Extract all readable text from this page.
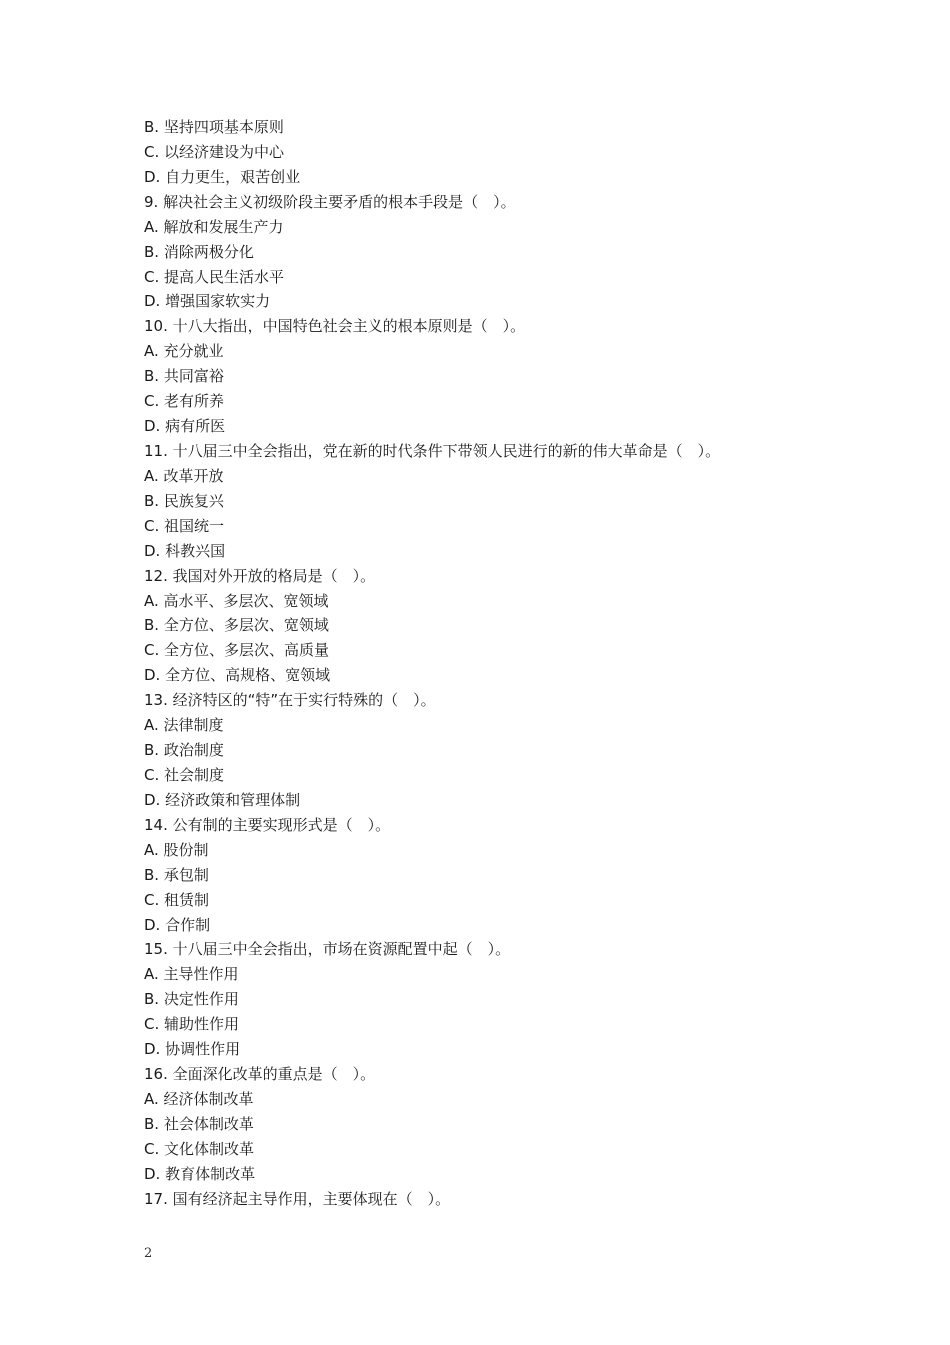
B. 坚持四项基本原则
C. 以经济建设为中心
D. 自力更生，艰苦创业
9. 解决社会主义初级阶段主要矛盾的根本手段是（　）。
A. 解放和发展生产力
B. 消除两极分化
C. 提高人民生活水平
D. 增强国家软实力
10. 十八大指出，中国特色社会主义的根本原则是（　）。
A. 充分就业
B. 共同富裕
C. 老有所养
D. 病有所医
11. 十八届三中全会指出，党在新的时代条件下带领人民进行的新的伟大革命是（　）。
A. 改革开放
B. 民族复兴
C. 祖国统一
D. 科教兴国
12. 我国对外开放的格局是（　）。
A. 高水平、多层次、宽领域
B. 全方位、多层次、宽领域
C. 全方位、多层次、高质量
D. 全方位、高规格、宽领域
13. 经济特区的“特”在于实行特殊的（　）。
A. 法律制度
B. 政治制度
C. 社会制度
D. 经济政策和管理体制
14. 公有制的主要实现形式是（　）。
A. 股份制
B. 承包制
C. 租赁制
D. 合作制
15. 十八届三中全会指出，市场在资源配置中起（　）。
A. 主导性作用
B. 决定性作用
C. 辅助性作用
D. 协调性作用
16. 全面深化改革的重点是（　）。
A. 经济体制改革
B. 社会体制改革
C. 文化体制改革
D. 教育体制改革
17. 国有经济起主导作用，主要体现在（　）。
2
